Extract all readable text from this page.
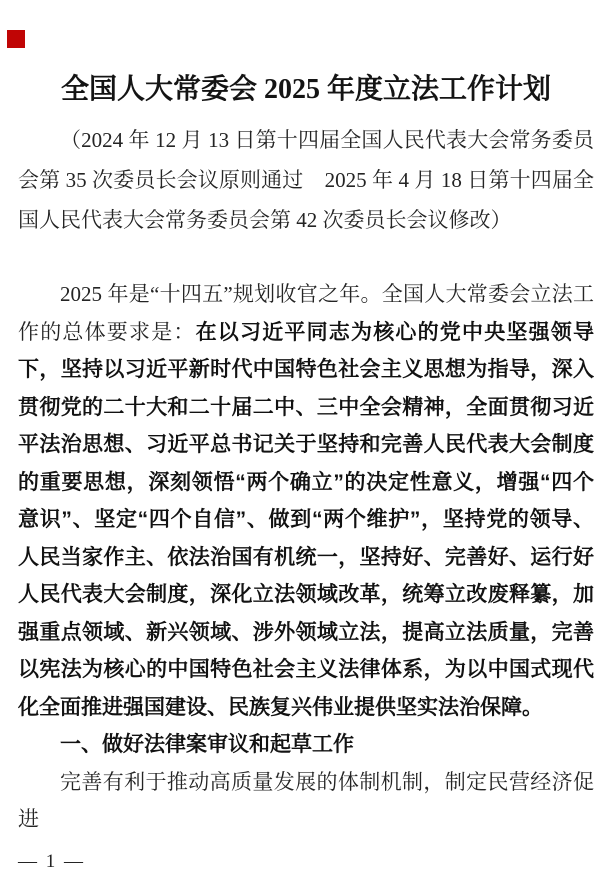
全国人大常委会 2025 年度立法工作计划

（2024 年 12 月 13 日第十四届全国人民代表大会常务委员会第 35 次委员长会议原则通过　2025 年 4 月 18 日第十四届全国人民代表大会常务委员会第 42 次委员长会议修改）

2025 年是“十四五”规划收官之年。全国人大常委会立法工作的总体要求是：在以习近平同志为核心的党中央坚强领导下，坚持以习近平新时代中国特色社会主义思想为指导，深入贯彻党的二十大和二十届二中、三中全会精神，全面贯彻习近平法治思想、习近平总书记关于坚持和完善人民代表大会制度的重要思想，深刻领悟“两个确立”的决定性意义，增强“四个意识”、坚定“四个自信”、做到“两个维护”，坚持党的领导、人民当家作主、依法治国有机统一，坚持好、完善好、运行好人民代表大会制度，深化立法领域改革，统筹立改废释纂，加强重点领域、新兴领域、涉外领域立法，提高立法质量，完善以宪法为核心的中国特色社会主义法律体系，为以中国式现代化全面推进强国建设、民族复兴伟业提供坚实法治保障。

一、做好法律案审议和起草工作

完善有利于推动高质量发展的体制机制，制定民营经济促进

— 1 —
